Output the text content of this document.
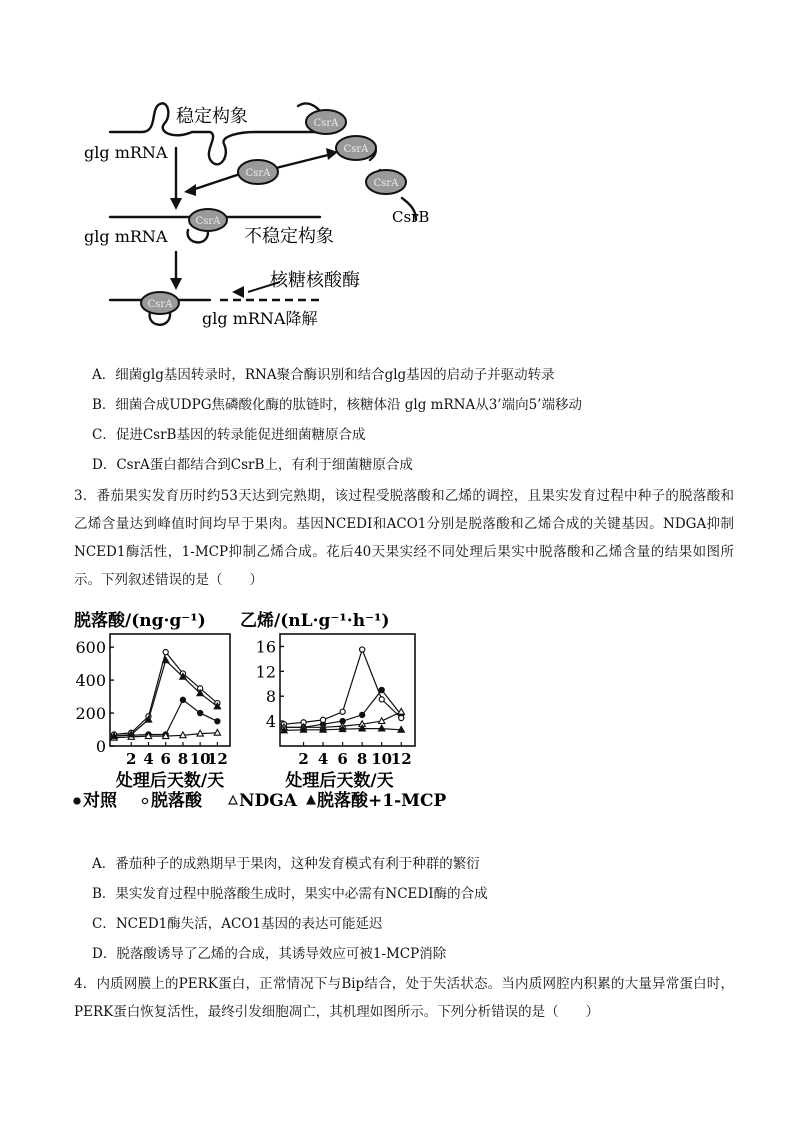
CsrA
CsrA
CsrA
CsrA
CsrA
CsrA
稳定构象
glg mRNA
glg mRNA	不稳定构象
CsrB
核糖核酸酶
glg mRNA降解
A．细菌glg基因转录时，RNA聚合酶识别和结合glg基因的启动子并驱动转录
B．细菌合成UDPG焦磷酸化酶的肽链时，核糖体沿 glg mRNA从3’端向5’端移动
C．促进CsrB基因的转录能促进细菌糖原合成
D．CsrA蛋白都结合到CsrB上，有利于细菌糖原合成
3．番茄果实发育历时约53天达到完熟期，该过程受脱落酸和乙烯的调控，且果实发育过程中种子的脱落酸和乙烯含量达到峰值时间均早于果肉。基因NCEDI和ACO1分别是脱落酸和乙烯合成的关键基因。NDGA抑制NCED1酶活性，1-MCP抑制乙烯合成。花后40天果实经不同处理后果实中脱落酸和乙烯含量的结果如图所示。下列叙述错误的是（　　）
脱落酸/(ng·g⁻¹)
0
200
400
600
2 4 6 8 10
12
处理后天数/天
乙烯/(nL·g⁻¹·h⁻¹)
4
8
12
16
2 4 6 8 10
12
处理后天数/天
对照 脱落酸 NDGA 脱落酸+1-MCP
A．番茄种子的成熟期早于果肉，这种发育模式有利于种群的繁衍
B．果实发育过程中脱落酸生成时，果实中必需有NCEDI酶的合成
C．NCED1酶失活，ACO1基因的表达可能延迟
D．脱落酸诱导了乙烯的合成，其诱导效应可被1-MCP消除
4．内质网膜上的PERK蛋白，正常情况下与Bip结合，处于失活状态。当内质网腔内积累的大量异常蛋白时，PERK蛋白恢复活性，最终引发细胞凋亡，其机理如图所示。下列分析错误的是（　　）
